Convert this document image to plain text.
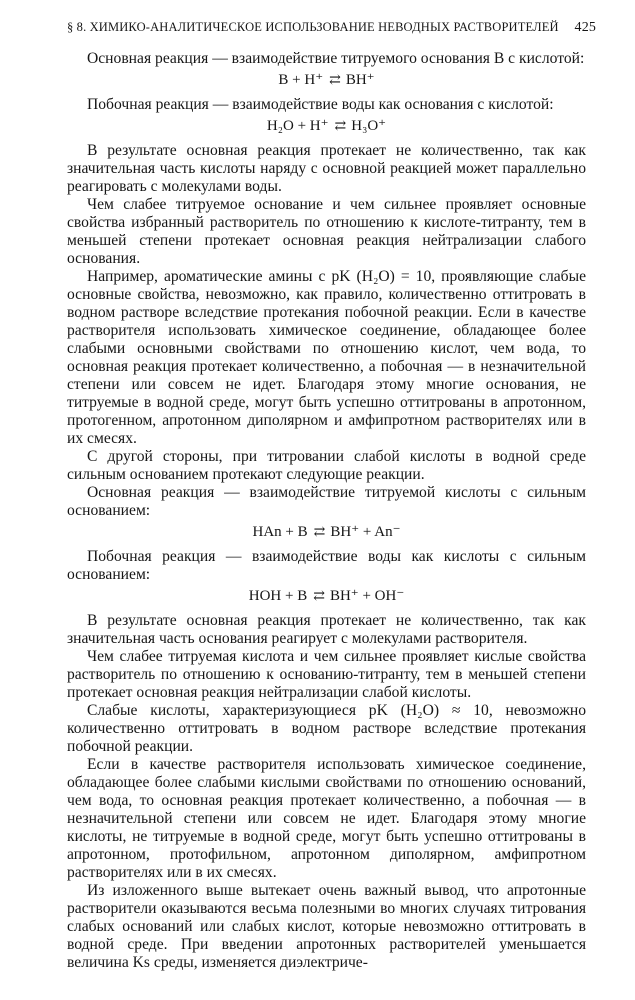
§ 8. ХИМИКО-АНАЛИТИЧЕСКОЕ ИСПОЛЬЗОВАНИЕ НЕВОДНЫХ РАСТВОРИТЕЛЕЙ 425

Основная реакция — взаимодействие титруемого основания B с кислотой:

B + H⁺ ⇄ BH⁺

Побочная реакция — взаимодействие воды как основания с кислотой:

H₂O + H⁺ ⇄ H₃O⁺

В результате основная реакция протекает не количественно, так как значительная часть кислоты наряду с основной реакцией может параллельно реагировать с молекулами воды.

Чем слабее титруемое основание и чем сильнее проявляет основные свойства избранный растворитель по отношению к кислоте-титранту, тем в меньшей степени протекает основная реакция нейтрализации слабого основания.

Например, ароматические амины с pK (H₂O) = 10, проявляющие слабые основные свойства, невозможно, как правило, количественно оттитровать в водном растворе вследствие протекания побочной реакции. Если в качестве растворителя использовать химическое соединение, обладающее более слабыми основными свойствами по отношению кислот, чем вода, то основная реакция протекает количественно, а побочная — в незначительной степени или совсем не идет. Благодаря этому многие основания, не титруемые в водной среде, могут быть успешно оттитрованы в апротонном, протогенном, апротонном диполярном и амфипротном растворителях или в их смесях.

С другой стороны, при титровании слабой кислоты в водной среде сильным основанием протекают следующие реакции.

Основная реакция — взаимодействие титруемой кислоты с сильным основанием:

HAn + B ⇄ BH⁺ + An⁻

Побочная реакция — взаимодействие воды как кислоты с сильным основанием:

HOH + B ⇄ BH⁺ + OH⁻

В результате основная реакция протекает не количественно, так как значительная часть основания реагирует с молекулами растворителя.

Чем слабее титруемая кислота и чем сильнее проявляет кислые свойства растворитель по отношению к основанию-титранту, тем в меньшей степени протекает основная реакция нейтрализации слабой кислоты.

Слабые кислоты, характеризующиеся pK (H₂O) ≈ 10, невозможно количественно оттитровать в водном растворе вследствие протекания побочной реакции.

Если в качестве растворителя использовать химическое соединение, обладающее более слабыми кислыми свойствами по отношению оснований, чем вода, то основная реакция протекает количественно, а побочная — в незначительной степени или совсем не идет. Благодаря этому многие кислоты, не титруемые в водной среде, могут быть успешно оттитрованы в апротонном, протофильном, апротонном диполярном, амфипротном растворителях или в их смесях.

Из изложенного выше вытекает очень важный вывод, что апротонные растворители оказываются весьма полезными во многих случаях титрования слабых оснований или слабых кислот, которые невозможно оттитровать в водной среде. При введении апротонных растворителей уменьшается величина Ks среды, изменяется диэлектриче-
